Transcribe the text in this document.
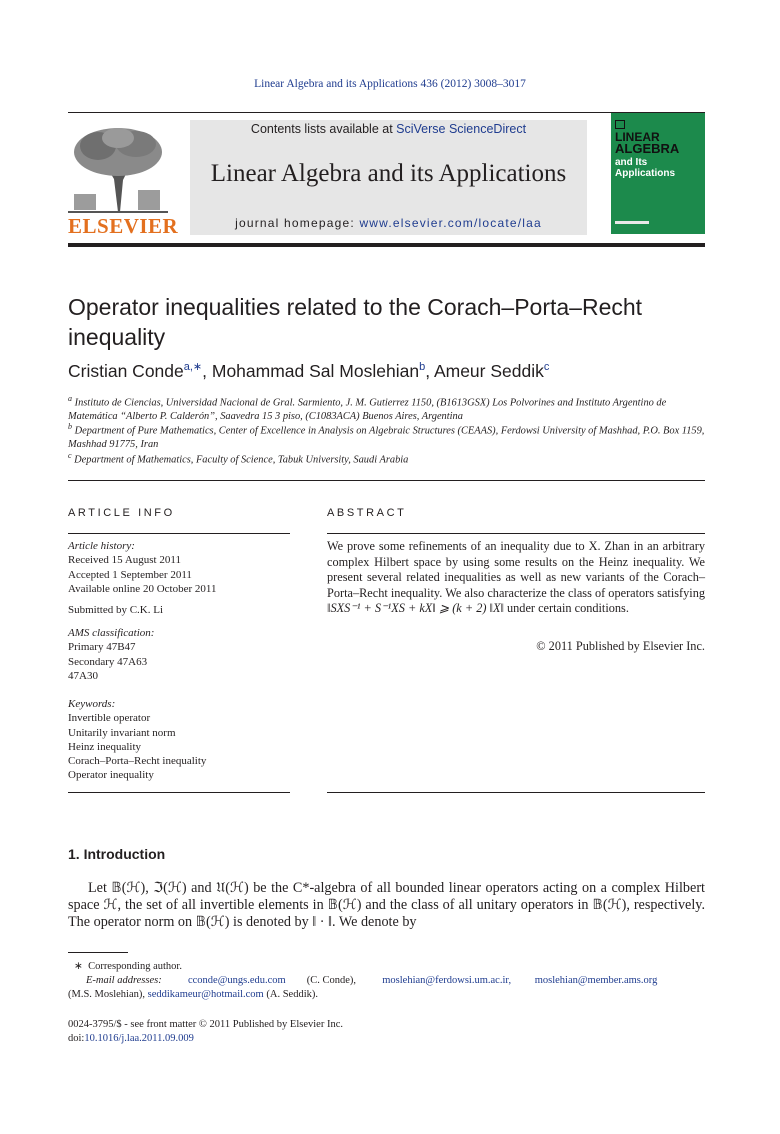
Linear Algebra and its Applications 436 (2012) 3008–3017
ELSEVIER
Contents lists available at SciVerse ScienceDirect
Linear Algebra and its Applications
journal homepage: www.elsevier.com/locate/laa
LINEAR
ALGEBRA
and Its
Applications
Operator inequalities related to the Corach–Porta–Recht inequality
Cristian Conde$^{a,∗}$, Mohammad Sal Moslehian$^b$, Ameur Seddik$^c$
$^a$ Instituto de Ciencias, Universidad Nacional de Gral. Sarmiento, J. M. Gutierrez 1150, (B1613GSX) Los Polvorines and Instituto Argentino de Matemática “Alberto P. Calderón”, Saavedra 15 3 piso, (C1083ACA) Buenos Aires, Argentina
$^b$ Department of Pure Mathematics, Center of Excellence in Analysis on Algebraic Structures (CEAAS), Ferdowsi University of Mashhad, P.O. Box 1159, Mashhad 91775, Iran
$^c$ Department of Mathematics, Faculty of Science, Tabuk University, Saudi Arabia
ARTICLE INFO
Article history:
Received 15 August 2011
Accepted 1 September 2011
Available online 20 October 2011
Submitted by C.K. Li
AMS classification:
Primary 47B47
Secondary 47A63
47A30
Keywords:
Invertible operator
Unitarily invariant norm
Heinz inequality
Corach–Porta–Recht inequality
Operator inequality
ABSTRACT
We prove some refinements of an inequality due to X. Zhan in an arbitrary complex Hilbert space by using some results on the Heinz inequality. We present several related inequalities as well as new variants of the Corach–Porta–Recht inequality. We also characterize the class of operators satisfying ‖SXS⁻¹ + S⁻¹XS + kX‖ ⩾ (k + 2) ‖X‖ under certain conditions.
© 2011 Published by Elsevier Inc.
1. Introduction
Let 𝔹(ℋ), ℑ(ℋ) and 𝔘(ℋ) be the C*-algebra of all bounded linear operators acting on a complex Hilbert space ℋ, the set of all invertible elements in 𝔹(ℋ) and the class of all unitary operators in 𝔹(ℋ), respectively. The operator norm on 𝔹(ℋ) is denoted by ‖ · ‖. We denote by
∗ Corresponding author.
E-mail addresses:	cconde@ungs.edu.com (C. Conde),	moslehian@ferdowsi.um.ac.ir, moslehian@member.ams.org
(M.S. Moslehian), seddikameur@hotmail.com (A. Seddik).
0024-3795/$ - see front matter © 2011 Published by Elsevier Inc.
doi:10.1016/j.laa.2011.09.009
